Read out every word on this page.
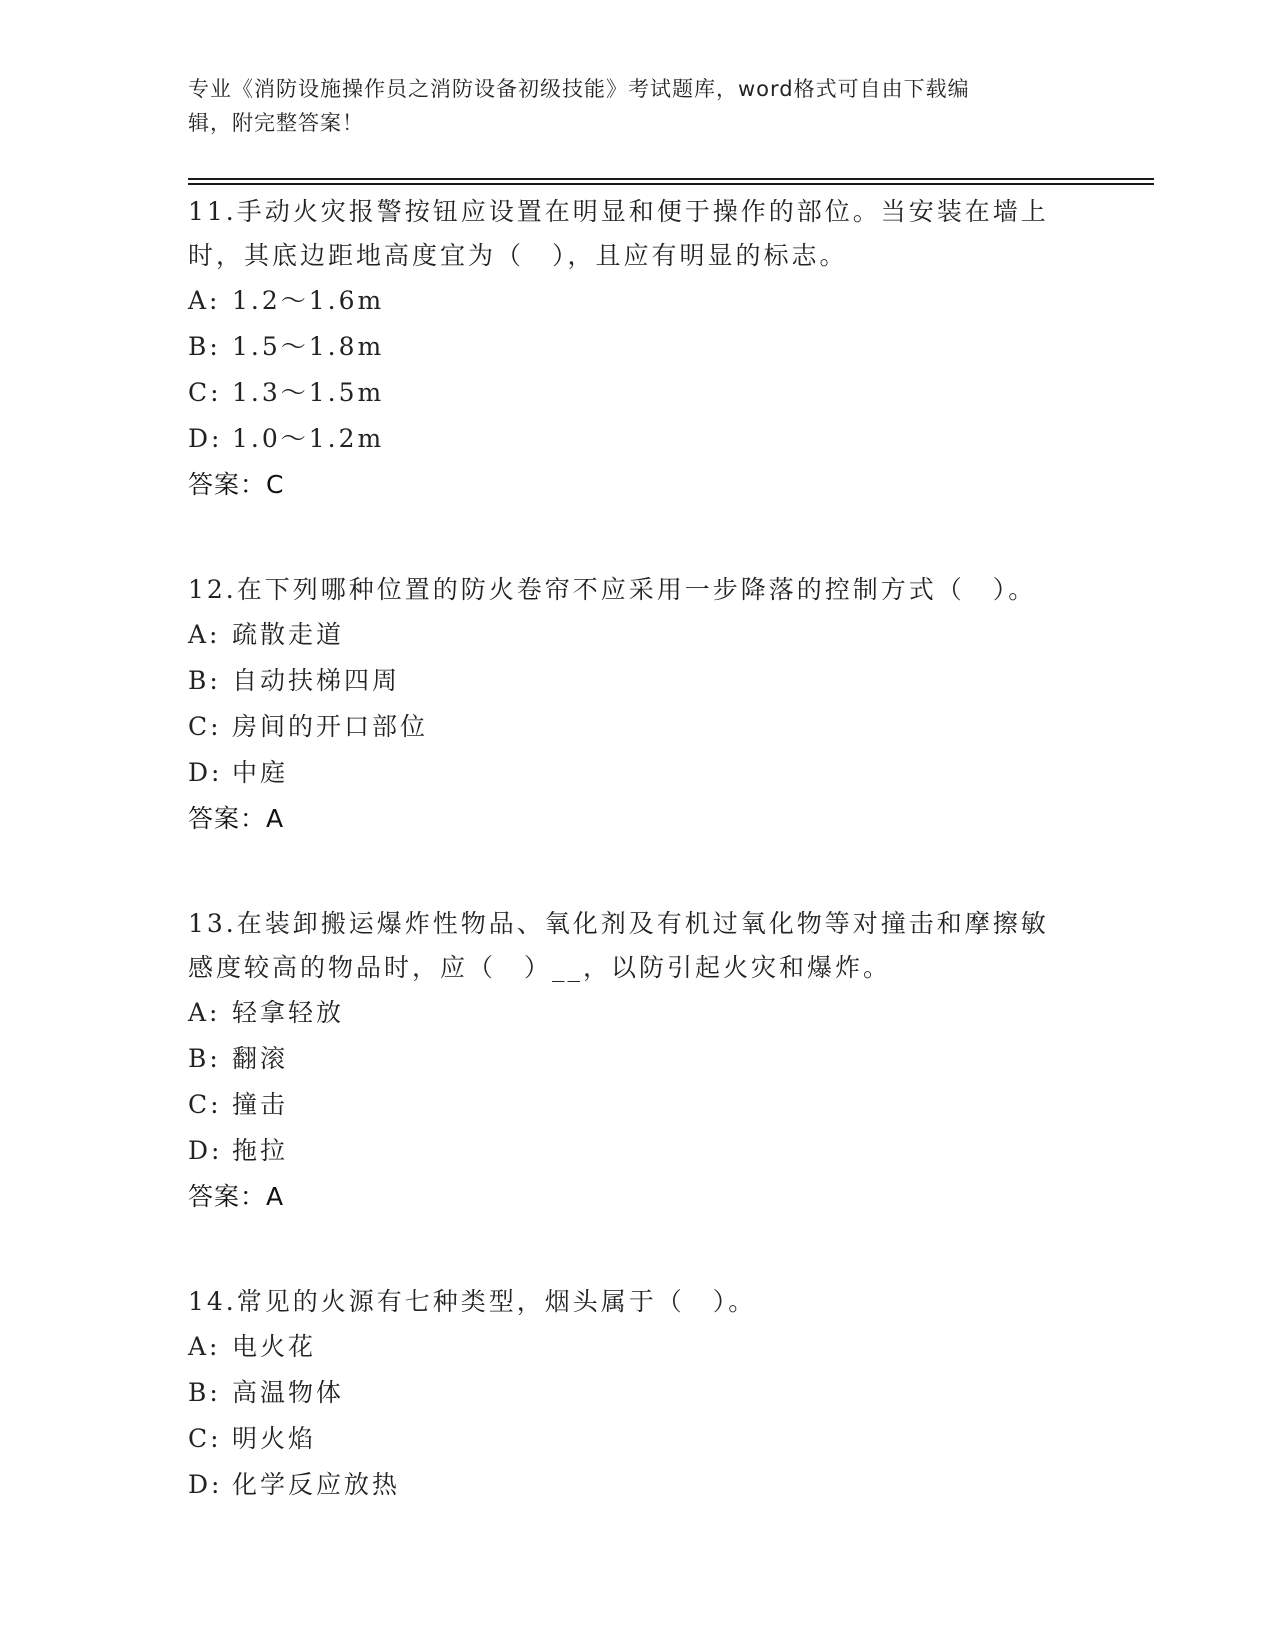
专业《消防设施操作员之消防设备初级技能》考试题库，word格式可自由下载编
辑，附完整答案！
11.手动火灾报警按钮应设置在明显和便于操作的部位。当安装在墙上
时，其底边距地高度宜为（　），且应有明显的标志。
A: 1.2～1.6m
B: 1.5～1.8m
C: 1.3～1.5m
D: 1.0～1.2m
答案：C
12.在下列哪种位置的防火卷帘不应采用一步降落的控制方式（　）。
A: 疏散走道
B: 自动扶梯四周
C: 房间的开口部位
D: 中庭
答案：A
13.在装卸搬运爆炸性物品、氧化剂及有机过氧化物等对撞击和摩擦敏
感度较高的物品时，应（　）__，以防引起火灾和爆炸。
A: 轻拿轻放
B: 翻滚
C: 撞击
D: 拖拉
答案：A
14.常见的火源有七种类型，烟头属于（　）。
A: 电火花
B: 高温物体
C: 明火焰
D: 化学反应放热
